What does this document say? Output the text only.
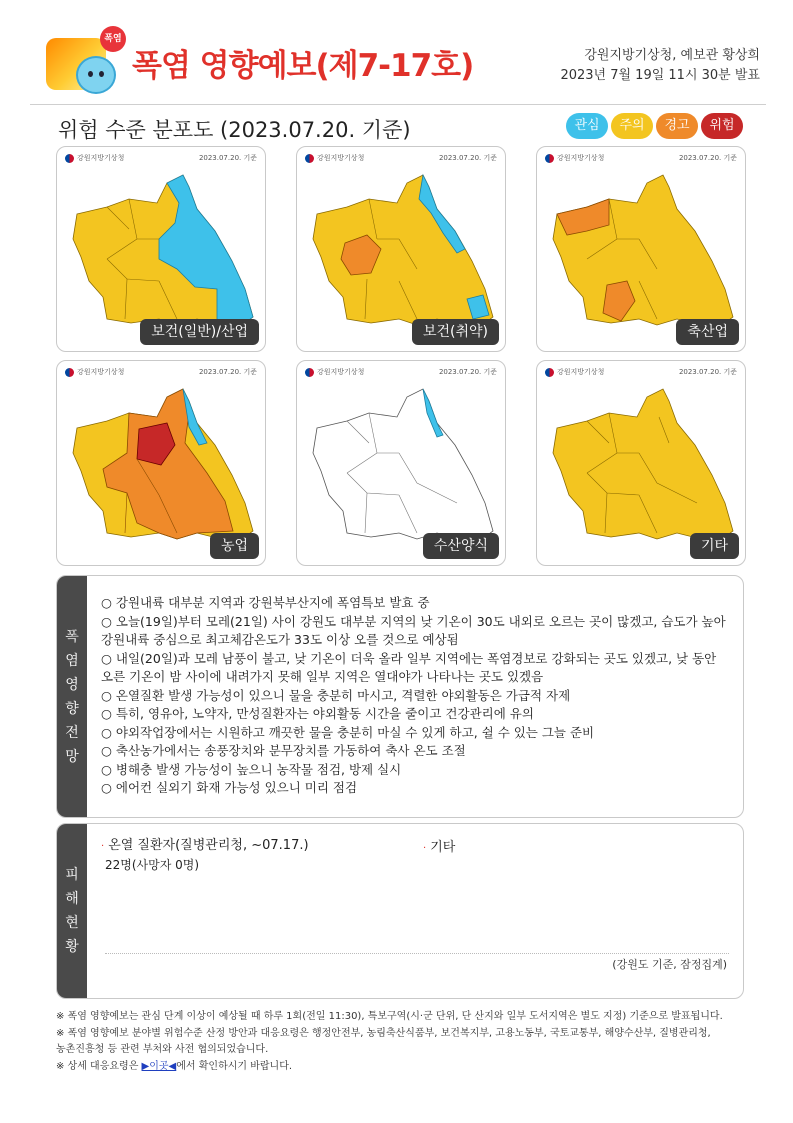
폭염
폭염 영향예보(제7-17호)	강원지방기상청, 예보관 황상희
2023년 7월 19일 11시 30분 발표
위험 수준 분포도 (2023.07.20. 기준)	관심	주의	경고	위험
강원지방기상청	2023.07.20. 기준
보건(일반)/산업
강원지방기상청	2023.07.20. 기준
보건(취약)
강원지방기상청	2023.07.20. 기준
축산업
강원지방기상청	2023.07.20. 기준
농업
강원지방기상청	2023.07.20. 기준
수산양식
강원지방기상청	2023.07.20. 기준
기타
폭
염
영
향
전
망
○ 강원내륙 대부분 지역과 강원북부산지에 폭염특보 발효 중
○ 오늘(19일)부터 모레(21일) 사이 강원도 대부분 지역의 낮 기온이 30도 내외로 오르는 곳이 많겠고, 습도가 높아 강원내륙 중심으로 최고체감온도가 33도 이상 오를 것으로 예상됨
○ 내일(20일)과 모레 남풍이 불고, 낮 기온이 더욱 올라 일부 지역에는 폭염경보로 강화되는 곳도 있겠고, 낮 동안 오른 기온이 밤 사이에 내려가지 못해 일부 지역은 열대야가 나타나는 곳도 있겠음
○ 온열질환 발생 가능성이 있으니 물을 충분히 마시고, 격렬한 야외활동은 가급적 자제
○ 특히, 영유아, 노약자, 만성질환자는 야외활동 시간을 줄이고 건강관리에 유의
○ 야외작업장에서는 시원하고 깨끗한 물을 충분히 마실 수 있게 하고, 쉴 수 있는 그늘 준비
○ 축산농가에서는 송풍장치와 분무장치를 가동하여 축사 온도 조절
○ 병해충 발생 가능성이 높으니 농작물 점검, 방제 실시
○ 에어컨 실외기 화재 가능성 있으니 미리 점검
피
해
현
황
· 온열 질환자(질병관리청, ~07.17.)
22명(사망자 0명)
· 기타
(강원도 기준, 잠정집계)
※ 폭염 영향예보는 관심 단계 이상이 예상될 때 하루 1회(전일 11:30), 특보구역(시·군 단위, 단 산지와 일부 도서지역은 별도 지정) 기준으로 발표됩니다.
※ 폭염 영향예보 분야별 위험수준 산정 방안과 대응요령은 행정안전부, 농림축산식품부, 보건복지부, 고용노동부, 국토교통부, 해양수산부, 질병관리청,
농촌진흥청 등 관련 부처와 사전 협의되었습니다.
※ 상세 대응요령은 ▶이곳◀에서 확인하시기 바랍니다.
